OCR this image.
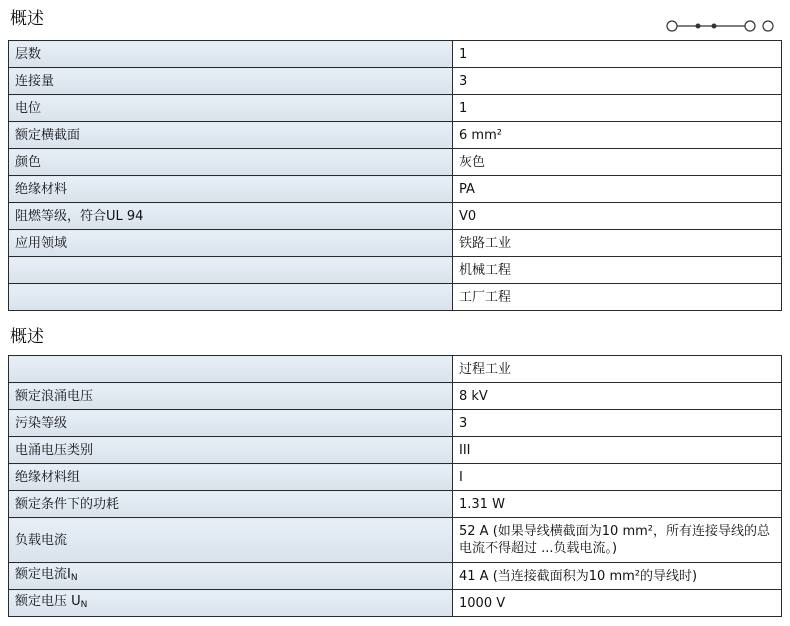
概述
层数	1
连接量	3
电位	1
额定横截面	6 mm²
颜色	灰色
绝缘材料	PA
阻燃等级，符合UL 94	V0
应用领域	铁路工业
	机械工程
	工厂工程
概述
	过程工业
额定浪涌电压	8 kV
污染等级	3
电涌电压类别	III
绝缘材料组	I
额定条件下的功耗	1.31 W
负载电流	52 A (如果导线横截面为10 mm²，所有连接导线的总电流不得超过 ...负载电流。)
额定电流$I_N$	41 A (当连接截面积为10 mm²的导线时)
额定电压 $U_N$	1000 V
